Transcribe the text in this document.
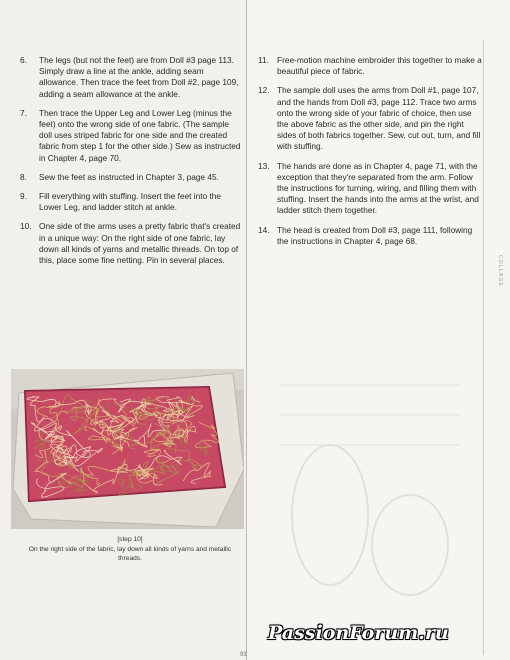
6.	The legs (but not the feet) are from Doll #3 page 113. Simply draw a line at the ankle, adding seam allowance. Then trace the feet from Doll #2, page 109, adding a seam allowance at the ankle.
7.	Then trace the Upper Leg and Lower Leg (minus the feet) onto the wrong side of one fabric. (The sample doll uses striped fabric for one side and the created fabric from step 1 for the other side.) Sew as instructed in Chapter 4, page 70.
8.	Sew the feet as instructed in Chapter 3, page 45.
9.	Fill everything with stuffing. Insert the feet into the Lower Leg, and ladder stitch at ankle.
10. One side of the arms uses a pretty fabric that's created in a unique way: On the right side of one fabric, lay down all kinds of yarns and metallic threads. On top of this, place some fine netting. Pin in several places.
[step 10]
On the right side of the fabric, lay down all kinds of yarns and metallic threads.
11. Free-motion machine embroider this together to make a beautiful piece of fabric.
12. The sample doll uses the arms from Doll #1, page 107, and the hands from Doll #3, page 112. Trace two arms onto the wrong side of your fabric of choice, then use the above fabric as the other side, and pin the right sides of both fabrics together. Sew, cut out, turn, and fill with stuffing.
13. The hands are done as in Chapter 4, page 71, with the exception that they're separated from the arm. Follow the instructions for turning, wiring, and filling them with stuffing. Insert the hands into the arms at the wrist, and ladder stitch them together.
14. The head is created from Doll #3, page 111, following the instructions in Chapter 4, page 68.
COLLAGE
PassionForum.ru
93
